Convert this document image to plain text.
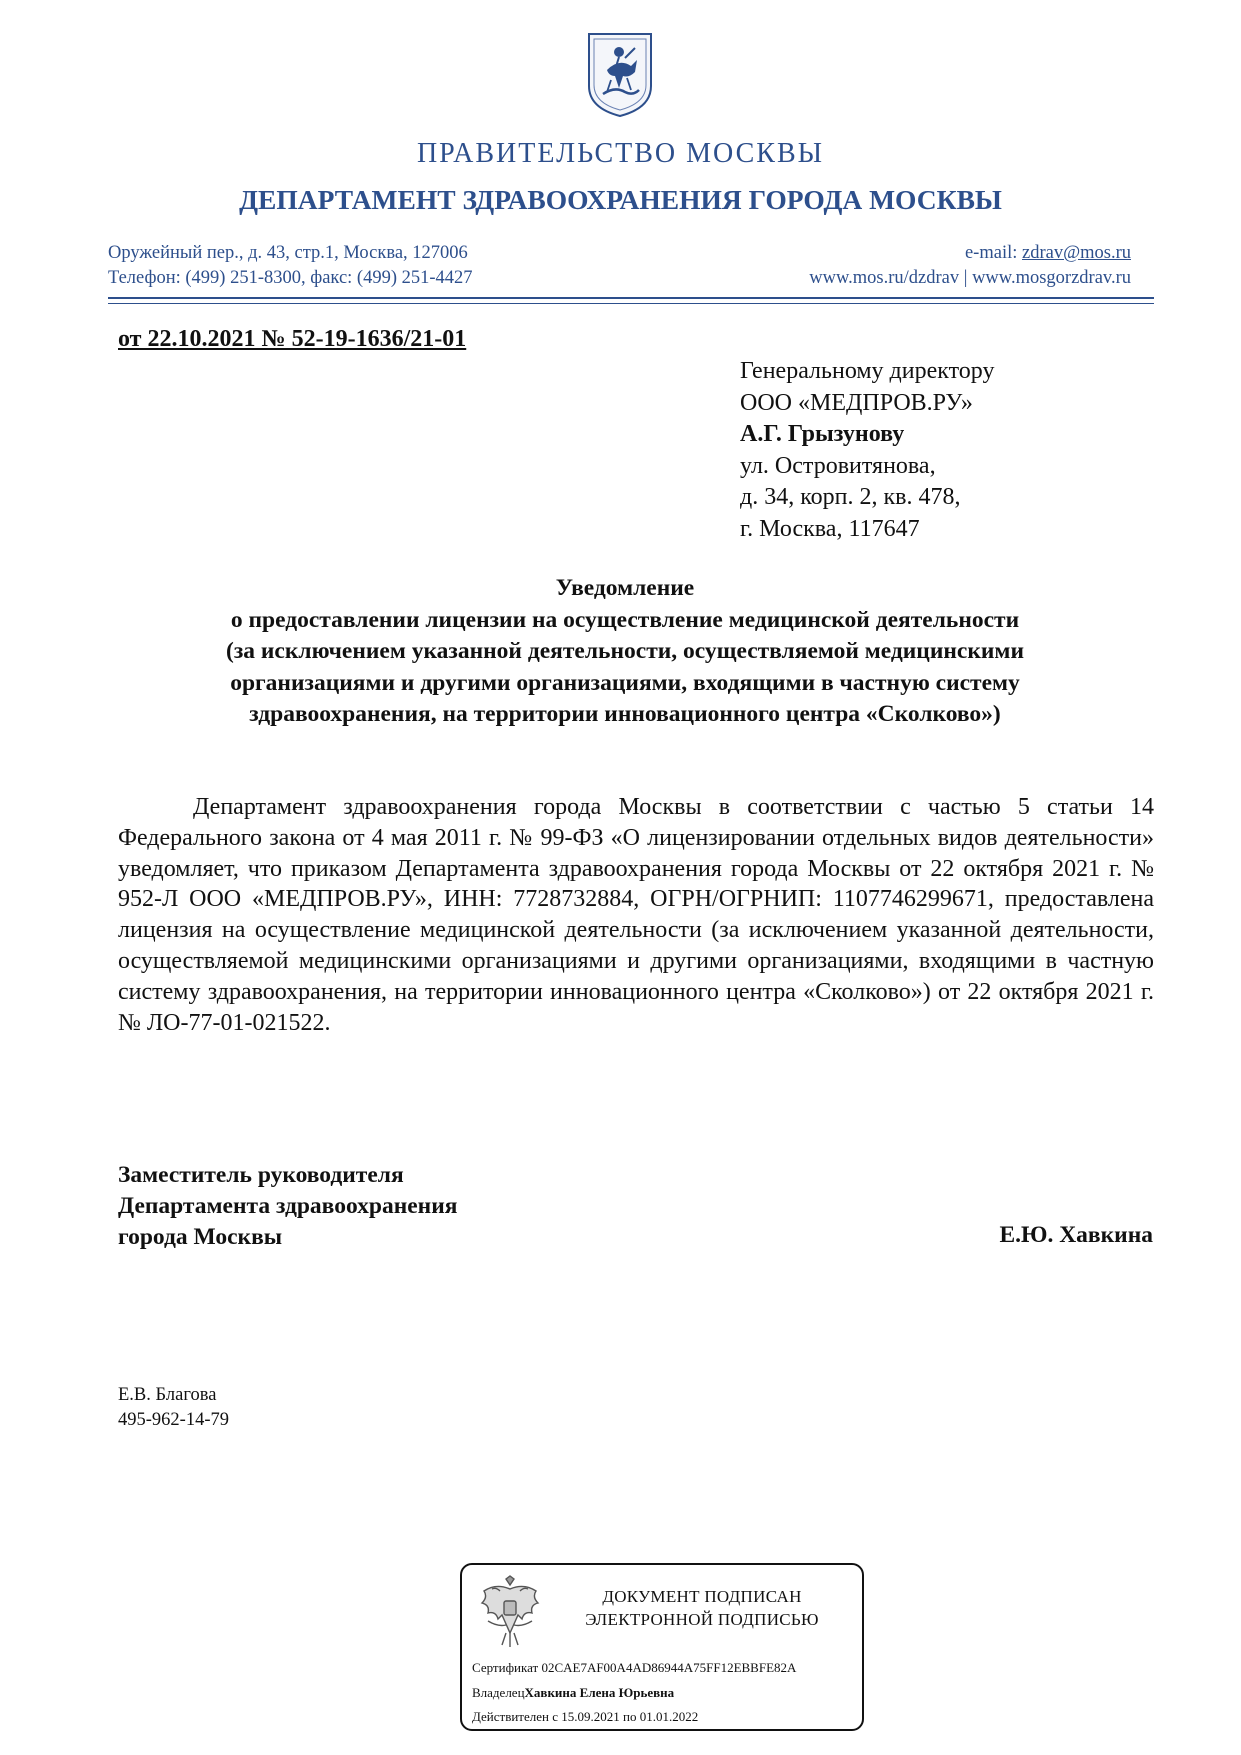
ПРАВИТЕЛЬСТВО МОСКВЫ
ДЕПАРТАМЕНТ ЗДРАВООХРАНЕНИЯ ГОРОДА МОСКВЫ
Оружейный пер., д. 43, стр.1, Москва, 127006
Телефон: (499) 251-8300, факс: (499) 251-4427
e-mail: zdrav@mos.ru
www.mos.ru/dzdrav | www.mosgorzdrav.ru
от 22.10.2021 № 52-19-1636/21-01
Генеральному директору
ООО «МЕДПРОВ.РУ»
А.Г. Грызунову
ул. Островитянова,
д. 34, корп. 2, кв. 478,
г. Москва, 117647
Уведомление
о предоставлении лицензии на осуществление медицинской деятельности
(за исключением указанной деятельности, осуществляемой медицинскими
организациями и другими организациями, входящими в частную систему
здравоохранения, на территории инновационного центра «Сколково»)
Департамент здравоохранения города Москвы в соответствии с частью 5 статьи 14 Федерального закона от 4 мая 2011 г. № 99-ФЗ «О лицензировании отдельных видов деятельности» уведомляет, что приказом Департамента здравоохранения города Москвы от 22 октября 2021 г. № 952-Л ООО «МЕДПРОВ.РУ», ИНН: 7728732884, ОГРН/ОГРНИП: 1107746299671, предоставлена лицензия на осуществление медицинской деятельности (за исключением указанной деятельности, осуществляемой медицинскими организациями и другими организациями, входящими в частную систему здравоохранения, на территории инновационного центра «Сколково») от 22 октября 2021 г. № ЛО-77-01-021522.
Заместитель руководителя
Департамента здравоохранения
города Москвы	Е.Ю. Хавкина
Е.В. Благова
495-962-14-79
ДОКУМЕНТ ПОДПИСАН
ЭЛЕКТРОННОЙ ПОДПИСЬЮ
Сертификат 02CAE7AF00A4AD86944A75FF12EBBFE82A
ВладелецХавкина Елена Юрьевна
Действителен с 15.09.2021 по 01.01.2022
